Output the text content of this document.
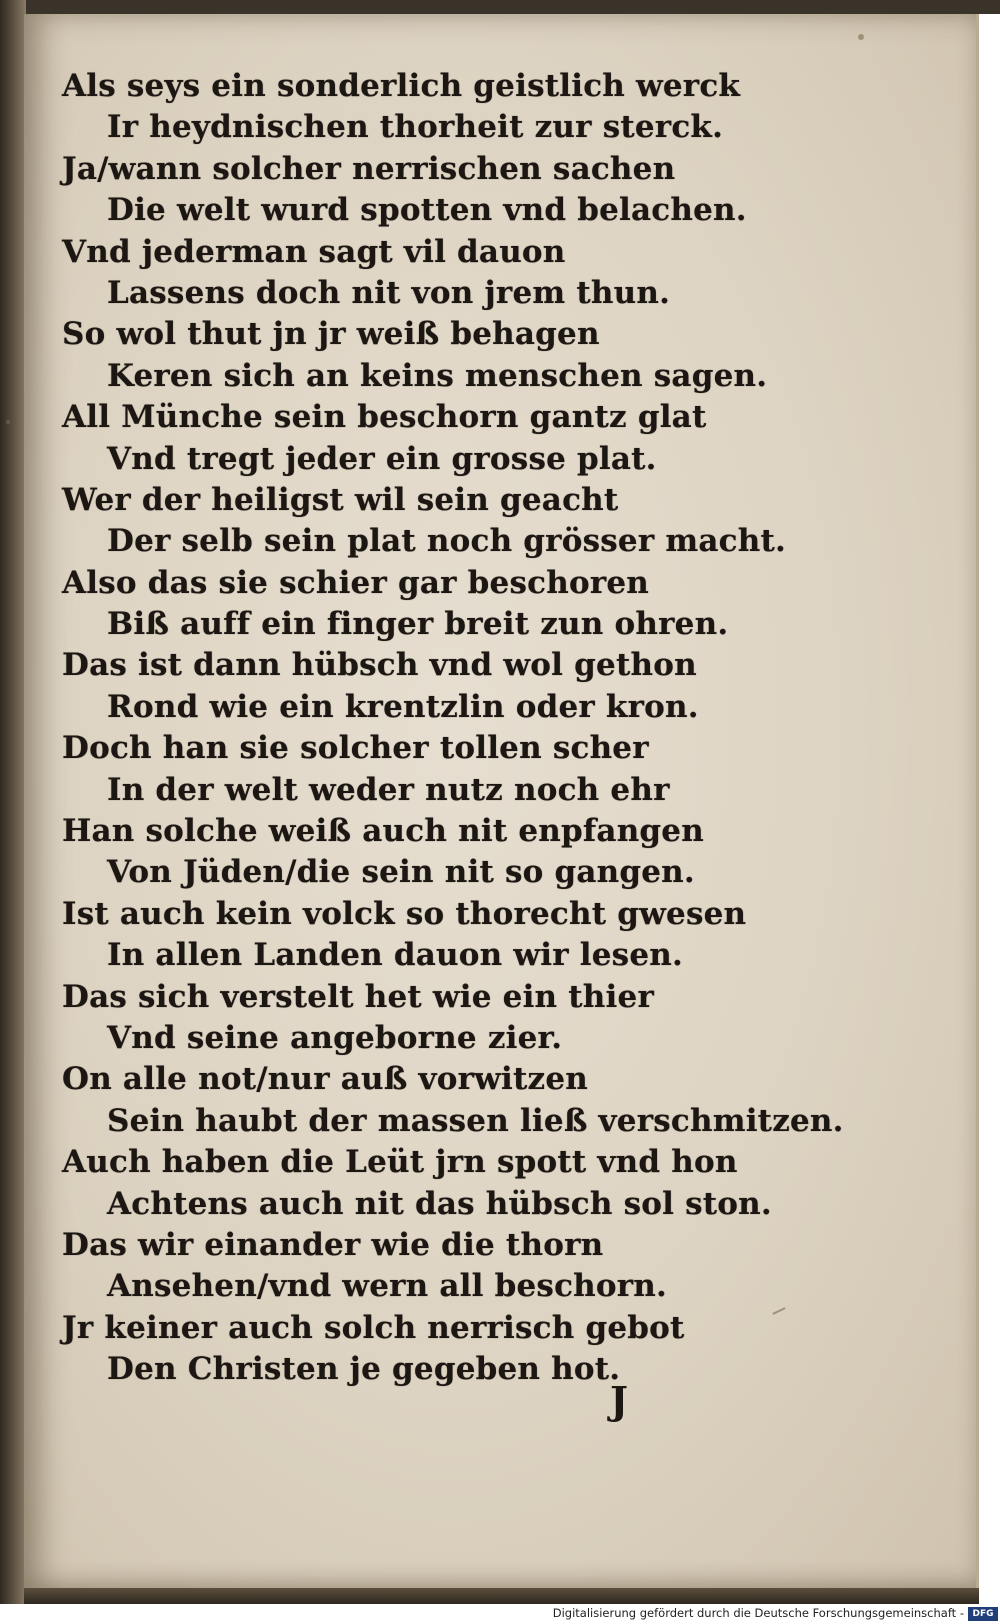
Als seys ein sonderlich geistlich werck
Ir heydnischen thorheit zur sterck.
Ja/wann solcher nerrischen sachen
Die welt wurd spotten vnd belachen.
Vnd jederman sagt vil dauon
Lassens doch nit von jrem thun.
So wol thut jn jr weiß behagen
Keren sich an keins menschen sagen.
All Münche sein beschorn gantz glat
Vnd tregt jeder ein grosse plat.
Wer der heiligst wil sein geacht
Der selb sein plat noch grösser macht.
Also das sie schier gar beschoren
Biß auff ein finger breit zun ohren.
Das ist dann hübsch vnd wol gethon
Rond wie ein krentzlin oder kron.
Doch han sie solcher tollen scher
In der welt weder nutz noch ehr
Han solche weiß auch nit enpfangen
Von Jüden/die sein nit so gangen.
Ist auch kein volck so thorecht gwesen
In allen Landen dauon wir lesen.
Das sich verstelt het wie ein thier
Vnd seine angeborne zier.
On alle not/nur auß vorwitzen
Sein haubt der massen ließ verschmitzen.
Auch haben die Leüt jrn spott vnd hon
Achtens auch nit das hübsch sol ston.
Das wir einander wie die thorn
Ansehen/vnd wern all beschorn.
Jr keiner auch solch nerrisch gebot
Den Christen je gegeben hot.
J
Digitalisierung gefördert durch die Deutsche Forschungsgemeinschaft - DFG
